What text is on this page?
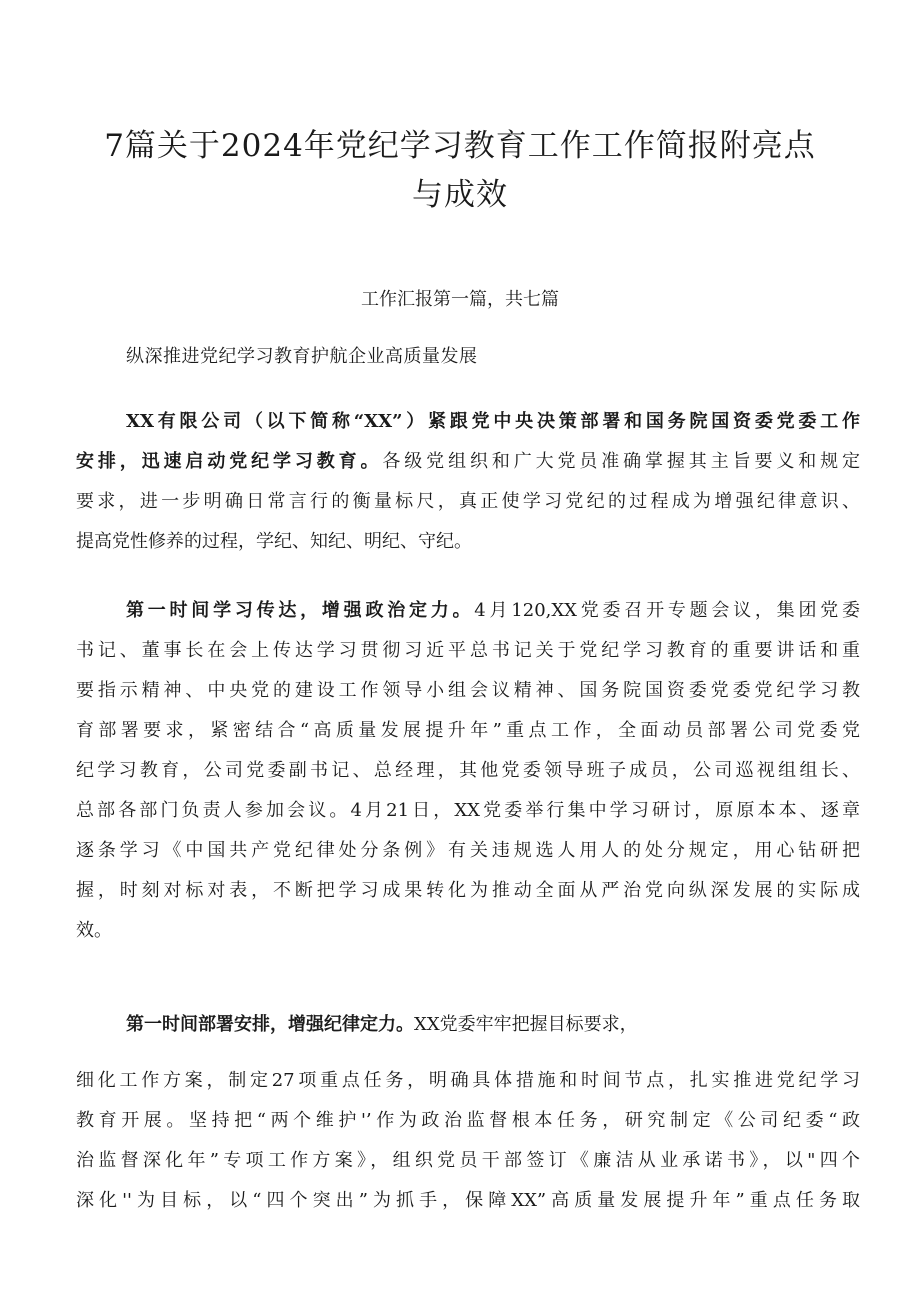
7篇关于2024年党纪学习教育工作工作简报附亮点
与成效

工作汇报第一篇，共七篇

纵深推进党纪学习教育护航企业高质量发展

XX有限公司（以下简称“XX”）紧跟党中央决策部署和国务院国资委党委工作
安排，迅速启动党纪学习教育。各级党组织和广大党员准确掌握其主旨要义和规定
要求，进一步明确日常言行的衡量标尺，真正使学习党纪的过程成为增强纪律意识、
提高党性修养的过程，学纪、知纪、明纪、守纪。
第一时间学习传达，增强政治定力。4月120,XX党委召开专题会议，集团党委
书记、董事长在会上传达学习贯彻习近平总书记关于党纪学习教育的重要讲话和重
要指示精神、中央党的建设工作领导小组会议精神、国务院国资委党委党纪学习教
育部署要求，紧密结合“高质量发展提升年”重点工作，全面动员部署公司党委党
纪学习教育，公司党委副书记、总经理，其他党委领导班子成员，公司巡视组组长、
总部各部门负责人参加会议。4月21日，XX党委举行集中学习研讨，原原本本、逐章
逐条学习《中国共产党纪律处分条例》有关违规选人用人的处分规定，用心钻研把
握，时刻对标对表，不断把学习成果转化为推动全面从严治党向纵深发展的实际成
效。
第一时间部署安排，增强纪律定力。XX党委牢牢把握目标要求，
细化工作方案，制定27项重点任务，明确具体措施和时间节点，扎实推进党纪学习
教育开展。坚持把“两个维护'’作为政治监督根本任务，研究制定《公司纪委“政
治监督深化年”专项工作方案》，组织党员干部签订《廉洁从业承诺书》，以"四个
深化''为目标，以“四个突出”为抓手，保障XX”高质量发展提升年”重点任务取
